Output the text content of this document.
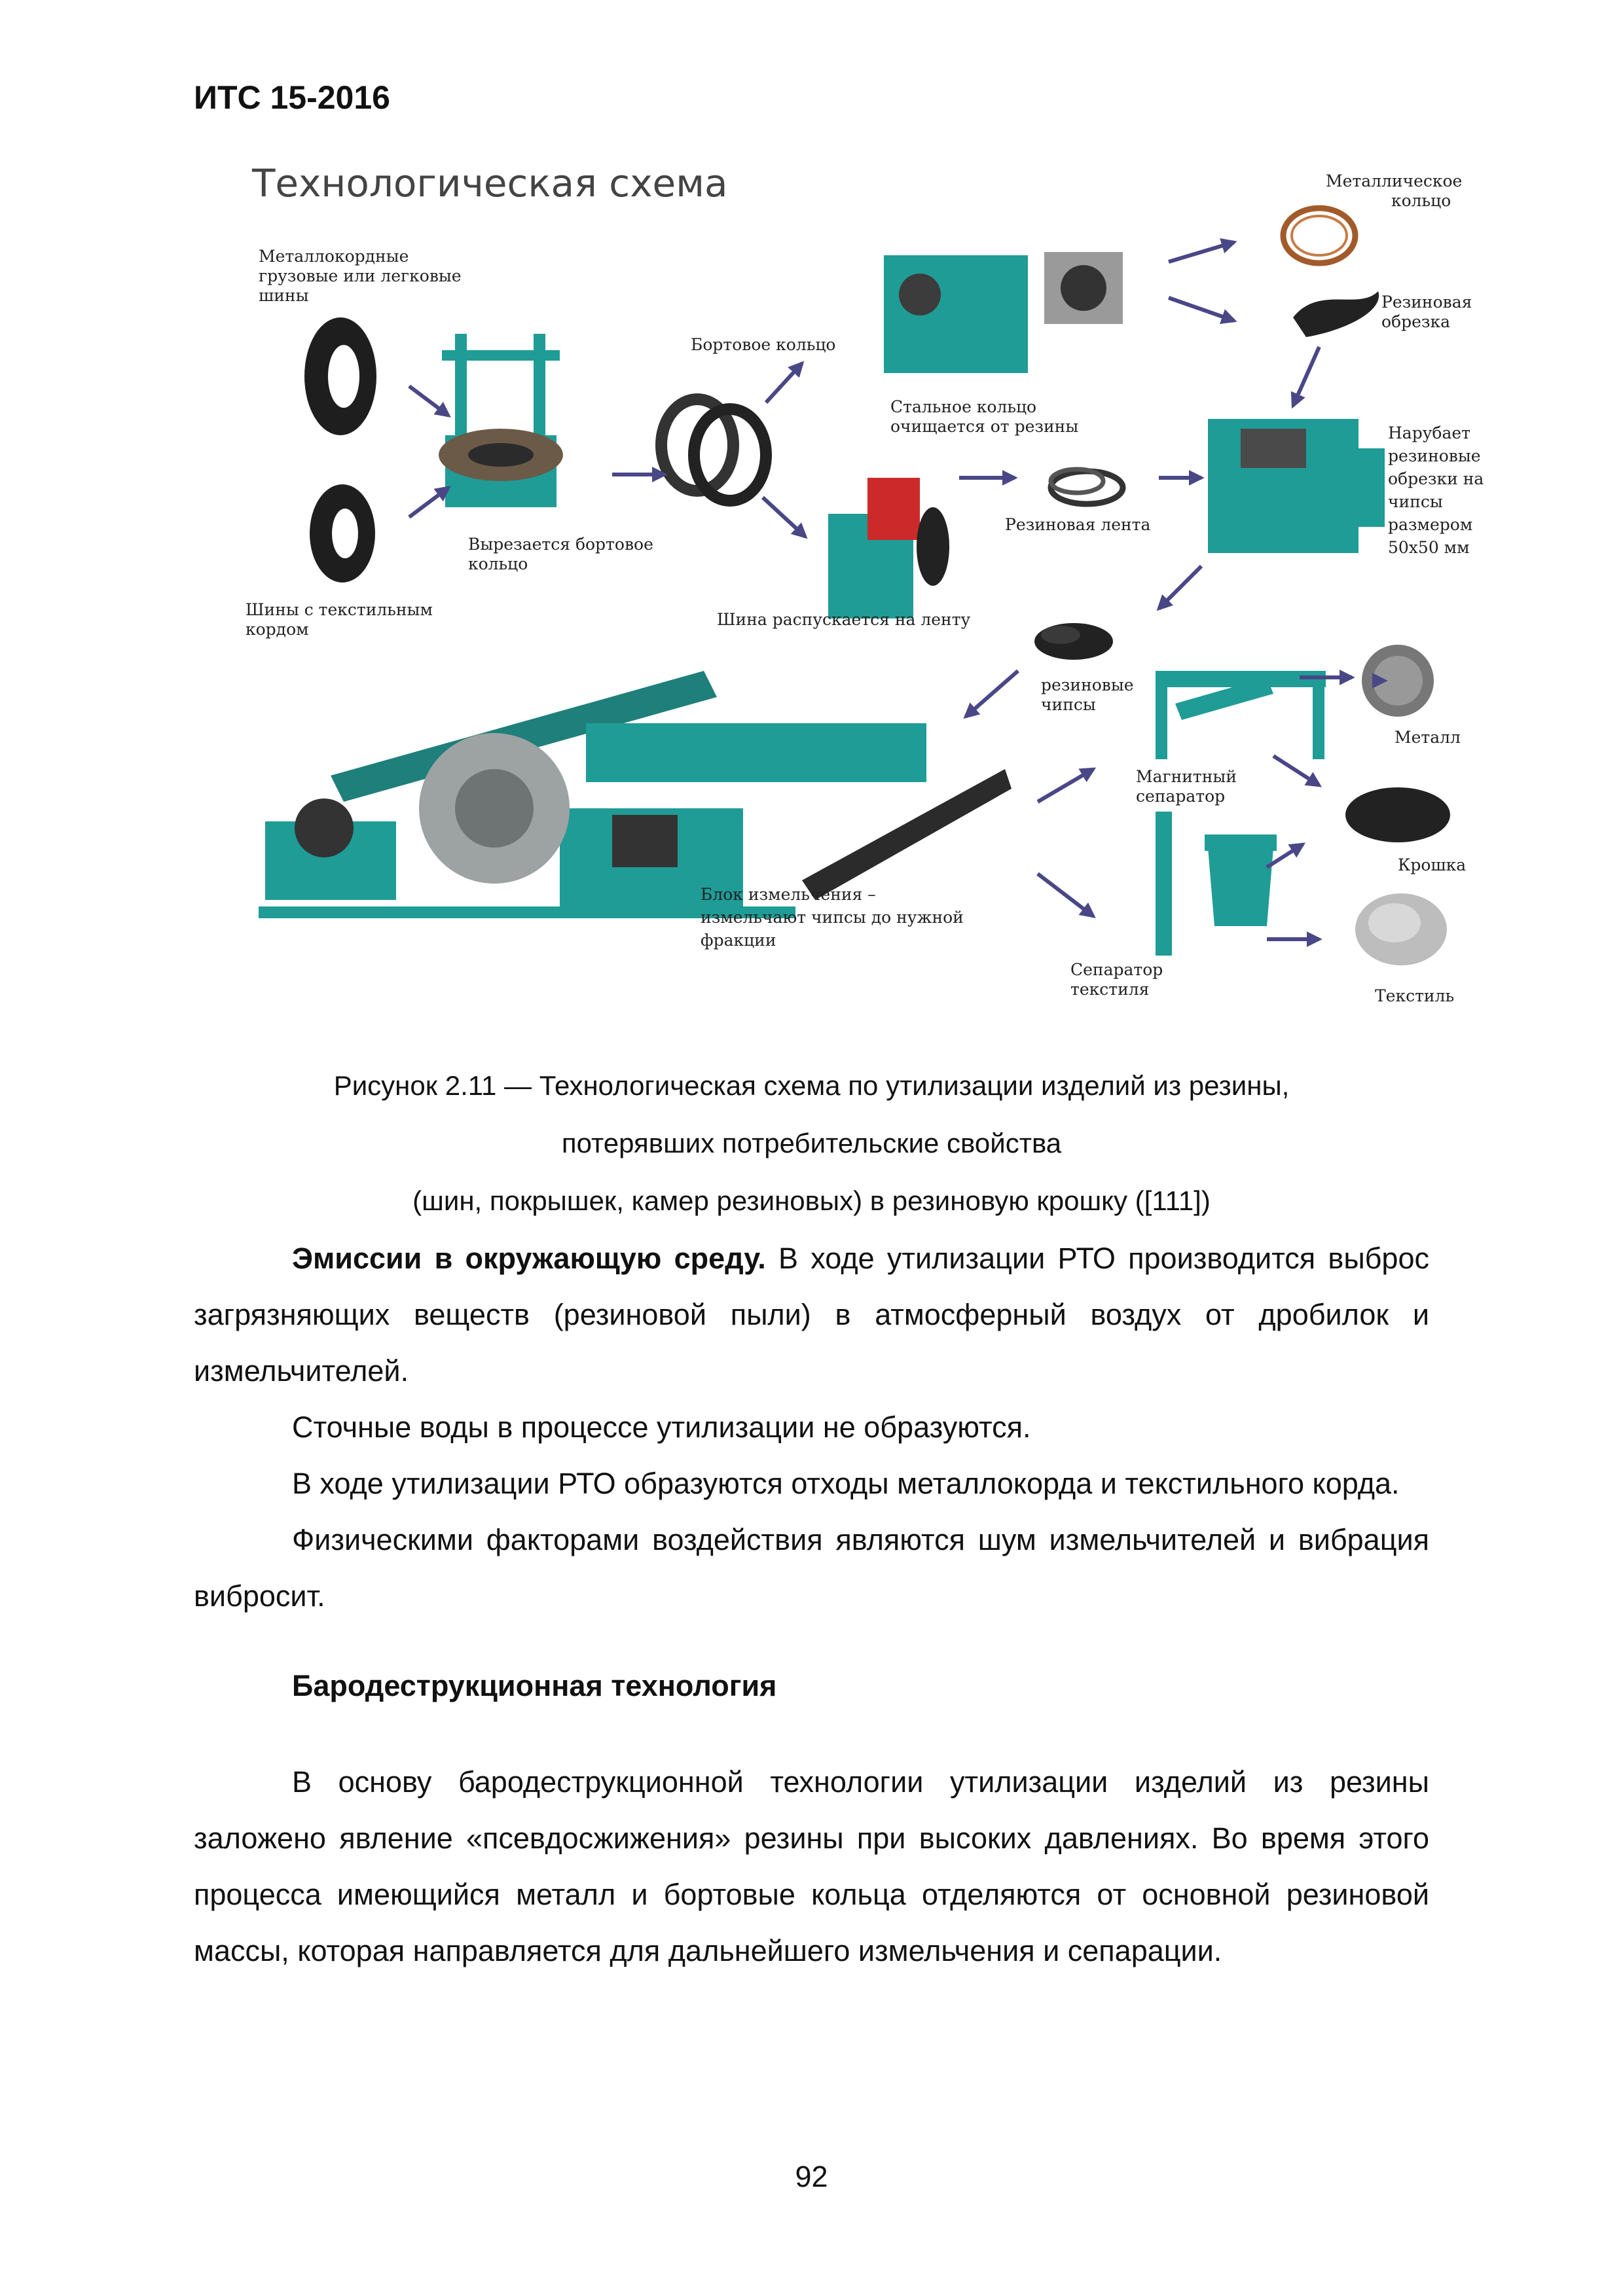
ИТС 15-2016
Технологическая схема
Металлокордные грузовые или легковые шины
Шины с текстильным кордом
Вырезается бортовое кольцо
Бортовое кольцо
Стальное кольцо очищается от резины
Шина распускается на ленту
Резиновая лента
Металлическое кольцо
Резиновая обрезка
Нарубает резиновые обрезки на чипсы размером 50х50 мм
резиновые чипсы
Магнитный сепаратор
Сепаратор текстиля
Металл
Крошка
Текстиль
Блок измельчения – измельчают чипсы до нужной фракции
Рисунок 2.11 — Технологическая схема по утилизации изделий из резины,
потерявших потребительские свойства
(шин, покрышек, камер резиновых) в резиновую крошку ([111])

Эмиссии в окружающую среду. В ходе утилизации РТО производится выброс загрязняющих веществ (резиновой пыли) в атмосферный воздух от дробилок и измельчителей.

Сточные воды в процессе утилизации не образуются.

В ходе утилизации РТО образуются отходы металлокорда и текстильного корда.

Физическими факторами воздействия являются шум измельчителей и вибрация вибросит.

Бародеструкционная технология

В основу бародеструкционной технологии утилизации изделий из резины заложено явление «псевдосжижения» резины при высоких давлениях. Во время этого процесса имеющийся металл и бортовые кольца отделяются от основной резиновой массы, которая направляется для дальнейшего измельчения и сепарации.

92
